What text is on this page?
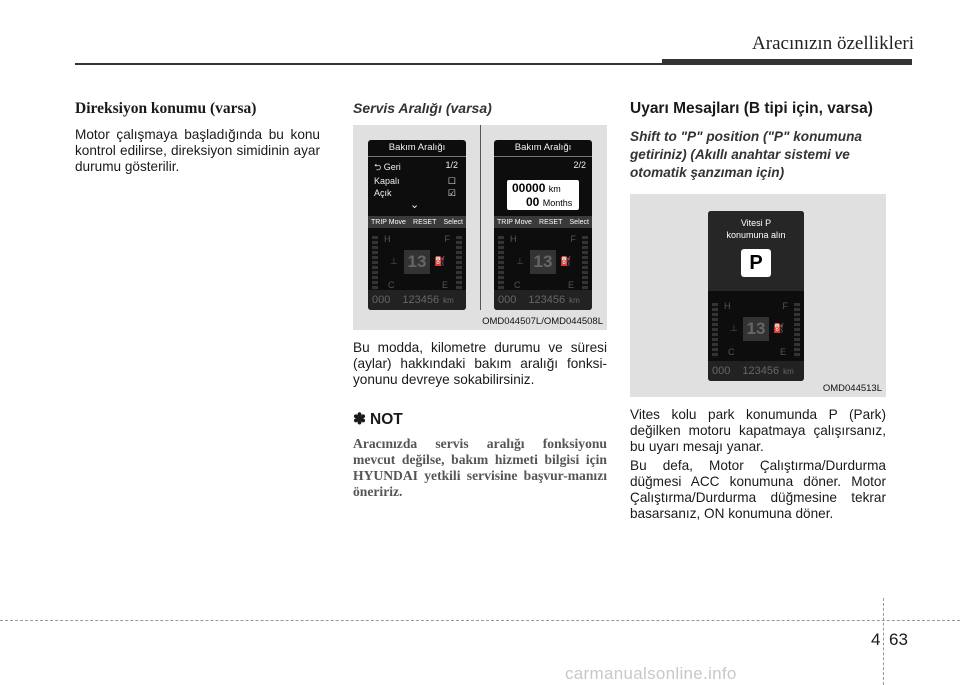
Aracınızın özellikleri
Direksiyon konumu (varsa)

Motor çalışmaya başladığında bu konu kontrol edilirse, direksiyon simidinin ayar durumu gösterilir.

Servis Aralığı (varsa)
Bakım Aralığı
⮌ Geri	1/2
Kapalı	☐
Açık	☑
⌄
TRIP Move RESET Select
H	F
⊥ 13 ⛽
C	E
000 123456 km
Bakım Aralığı
2/2
00000 km
00 Months
TRIP Move RESET Select
H	F
⊥ 13 ⛽
C	E
000 123456 km
OMD044507L/OMD044508L

Bu modda, kilometre durumu ve süresi (aylar) hakkındaki bakım aralığı fonksi-yonunu devreye sokabilirsiniz.

✽ NOT

Aracınızda servis aralığı fonksiyonu mevcut değilse, bakım hizmeti bilgisi için HYUNDAI yetkili servisine başvur-manızı öneririz.

Uyarı Mesajları (B tipi için, varsa)
Shift to "P" position ("P" konumuna getiriniz) (Akıllı anahtar sistemi ve otomatik şanzıman için)
Vitesi P
konumuna alın
P
H	F
⊥ 13 ⛽
C	E
000 123456 km
OMD044513L

Vites kolu park konumunda P (Park) değilken motoru kapatmaya çalışırsanız, bu uyarı mesajı yanar.

Bu defa, Motor Çalıştırma/Durdurma düğmesi ACC konumuna döner. Motor Çalıştırma/Durdurma düğmesine tekrar basarsanız, ON konumuna döner.

4 63
carmanualsonline.info
